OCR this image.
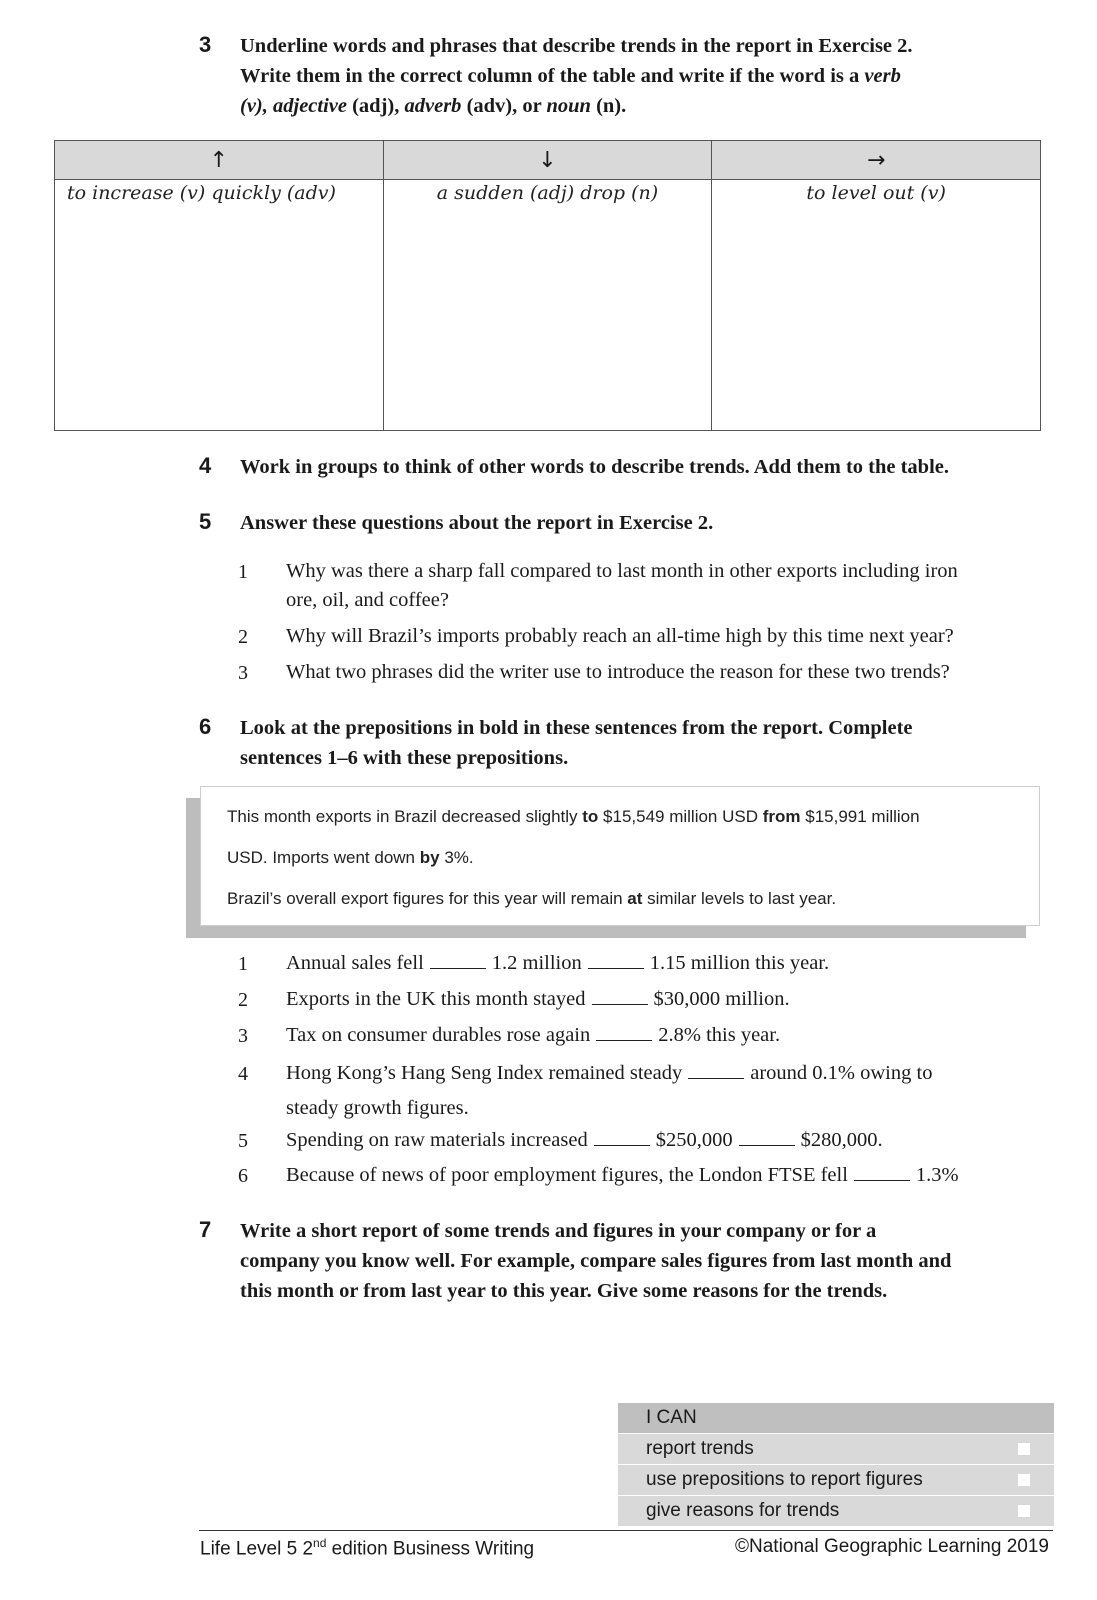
3 Underline words and phrases that describe trends in the report in Exercise 2.
Write them in the correct column of the table and write if the word is a verb
(v), adjective (adj), adverb (adv), or noun (n).
↑	↓	→
to increase (v) quickly (adv)	a sudden (adj) drop (n)	to level out (v)
4 Work in groups to think of other words to describe trends. Add them to the table.
5 Answer these questions about the report in Exercise 2.
1 Why was there a sharp fall compared to last month in other exports including iron
ore, oil, and coffee?
2 Why will Brazil’s imports probably reach an all-time high by this time next year?
3 What two phrases did the writer use to introduce the reason for these two trends?
6 Look at the prepositions in bold in these sentences from the report. Complete
sentences 1–6 with these prepositions.

This month exports in Brazil decreased slightly to $15,549 million USD from $15,991 million

USD. Imports went down by 3%.

Brazil’s overall export figures for this year will remain at similar levels to last year.

1 Annual sales fell	1.2 million	1.15 million this year.
2 Exports in the UK this month stayed	$30,000 million.
3 Tax on consumer durables rose again	2.8% this year.
4 Hong Kong’s Hang Seng Index remained steady	around 0.1% owing to
steady growth figures.
5 Spending on raw materials increased	$250,000	$280,000.
6 Because of news of poor employment figures, the London FTSE fell	1.3%
7 Write a short report of some trends and figures in your company or for a
company you know well. For example, compare sales figures from last month and
this month or from last year to this year. Give some reasons for the trends.
I CAN
report trends
use prepositions to report figures
give reasons for trends
Life Level 5 2nd edition Business Writing	©National Geographic Learning 2019
